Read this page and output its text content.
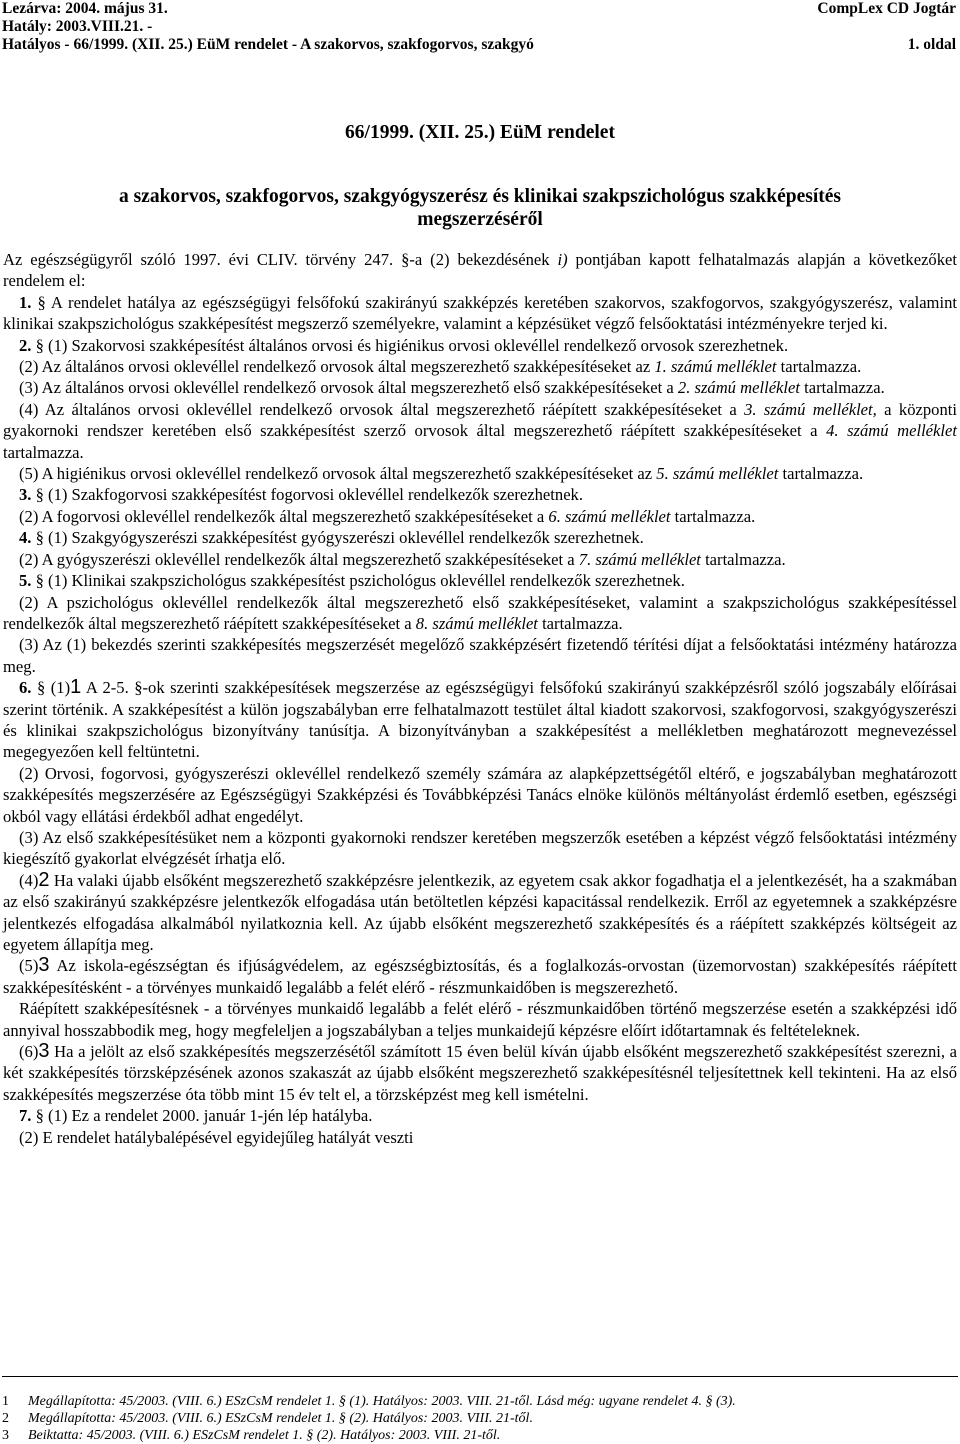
Lezárva: 2004. május 31.	CompLex CD Jogtár
Hatály: 2003.VIII.21. -
Hatályos - 66/1999. (XII. 25.) EüM rendelet - A szakorvos, szakfogorvos, szakgyó	1. oldal
66/1999. (XII. 25.) EüM rendelet
a szakorvos, szakfogorvos, szakgyógyszerész és klinikai szakpszichológus szakképesítés
megszerzéséről

Az egészségügyről szóló 1997. évi CLIV. törvény 247. §-a (2) bekezdésének i) pontjában kapott felhatalmazás alapján a következőket rendelem el:

1. § A rendelet hatálya az egészségügyi felsőfokú szakirányú szakképzés keretében szakorvos, szakfogorvos, szakgyógyszerész, valamint klinikai szakpszichológus szakképesítést megszerző személyekre, valamint a képzésüket végző felsőoktatási intézményekre terjed ki.

2. § (1) Szakorvosi szakképesítést általános orvosi és higiénikus orvosi oklevéllel rendelkező orvosok szerezhetnek.

(2) Az általános orvosi oklevéllel rendelkező orvosok által megszerezhető szakképesítéseket az 1. számú melléklet tartalmazza.

(3) Az általános orvosi oklevéllel rendelkező orvosok által megszerezhető első szakképesítéseket a 2. számú melléklet tartalmazza.

(4) Az általános orvosi oklevéllel rendelkező orvosok által megszerezhető ráépített szakképesítéseket a 3. számú melléklet, a központi gyakornoki rendszer keretében első szakképesítést szerző orvosok által megszerezhető ráépített szakképesítéseket a 4. számú melléklet tartalmazza.

(5) A higiénikus orvosi oklevéllel rendelkező orvosok által megszerezhető szakképesítéseket az 5. számú melléklet tartalmazza.

3. § (1) Szakfogorvosi szakképesítést fogorvosi oklevéllel rendelkezők szerezhetnek.

(2) A fogorvosi oklevéllel rendelkezők által megszerezhető szakképesítéseket a 6. számú melléklet tartalmazza.

4. § (1) Szakgyógyszerészi szakképesítést gyógyszerészi oklevéllel rendelkezők szerezhetnek.

(2) A gyógyszerészi oklevéllel rendelkezők által megszerezhető szakképesítéseket a 7. számú melléklet tartalmazza.

5. § (1) Klinikai szakpszichológus szakképesítést pszichológus oklevéllel rendelkezők szerezhetnek.

(2) A pszichológus oklevéllel rendelkezők által megszerezhető első szakképesítéseket, valamint a szakpszichológus szakképesítéssel rendelkezők által megszerezhető ráépített szakképesítéseket a 8. számú melléklet tartalmazza.

(3) Az (1) bekezdés szerinti szakképesítés megszerzését megelőző szakképzésért fizetendő térítési díjat a felsőoktatási intézmény határozza meg.

6. § (1)1 A 2-5. §-ok szerinti szakképesítések megszerzése az egészségügyi felsőfokú szakirányú szakképzésről szóló jogszabály előírásai szerint történik. A szakképesítést a külön jogszabályban erre felhatalmazott testület által kiadott szakorvosi, szakfogorvosi, szakgyógyszerészi és klinikai szakpszichológus bizonyítvány tanúsítja. A bizonyítványban a szakképesítést a mellékletben meghatározott megnevezéssel megegyezően kell feltüntetni.

(2) Orvosi, fogorvosi, gyógyszerészi oklevéllel rendelkező személy számára az alapképzettségétől eltérő, e jogszabályban meghatározott szakképesítés megszerzésére az Egészségügyi Szakképzési és Továbbképzési Tanács elnöke különös méltányolást érdemlő esetben, egészségi okból vagy ellátási érdekből adhat engedélyt.

(3) Az első szakképesítésüket nem a központi gyakornoki rendszer keretében megszerzők esetében a képzést végző felsőoktatási intézmény kiegészítő gyakorlat elvégzését írhatja elő.

(4)2 Ha valaki újabb elsőként megszerezhető szakképzésre jelentkezik, az egyetem csak akkor fogadhatja el a jelentkezését, ha a szakmában az első szakirányú szakképzésre jelentkezők elfogadása után betöltetlen képzési kapacitással rendelkezik. Erről az egyetemnek a szakképzésre jelentkezés elfogadása alkalmából nyilatkoznia kell. Az újabb elsőként megszerezhető szakképesítés és a ráépített szakképzés költségeit az egyetem állapítja meg.

(5)3 Az iskola-egészségtan és ifjúságvédelem, az egészségbiztosítás, és a foglalkozás-orvostan (üzemorvostan) szakképesítés ráépített szakképesítésként - a törvényes munkaidő legalább a felét elérő - részmunkaidőben is megszerezhető.

Ráépített szakképesítésnek - a törvényes munkaidő legalább a felét elérő - részmunkaidőben történő megszerzése esetén a szakképzési idő annyival hosszabbodik meg, hogy megfeleljen a jogszabályban a teljes munkaidejű képzésre előírt időtartamnak és feltételeknek.

(6)3 Ha a jelölt az első szakképesítés megszerzésétől számított 15 éven belül kíván újabb elsőként megszerezhető szakképesítést szerezni, a két szakképesítés törzsképzésének azonos szakaszát az újabb elsőként megszerezhető szakképesítésnél teljesítettnek kell tekinteni. Ha az első szakképesítés megszerzése óta több mint 15 év telt el, a törzsképzést meg kell ismételni.

7. § (1) Ez a rendelet 2000. január 1-jén lép hatályba.

(2) E rendelet hatálybalépésével egyidejűleg hatályát veszti

1 Megállapította: 45/2003. (VIII. 6.) ESzCsM rendelet 1. § (1). Hatályos: 2003. VIII. 21-től. Lásd még: ugyane rendelet 4. § (3).
2 Megállapította: 45/2003. (VIII. 6.) ESzCsM rendelet 1. § (2). Hatályos: 2003. VIII. 21-től.
3 Beiktatta: 45/2003. (VIII. 6.) ESzCsM rendelet 1. § (2). Hatályos: 2003. VIII. 21-től.
